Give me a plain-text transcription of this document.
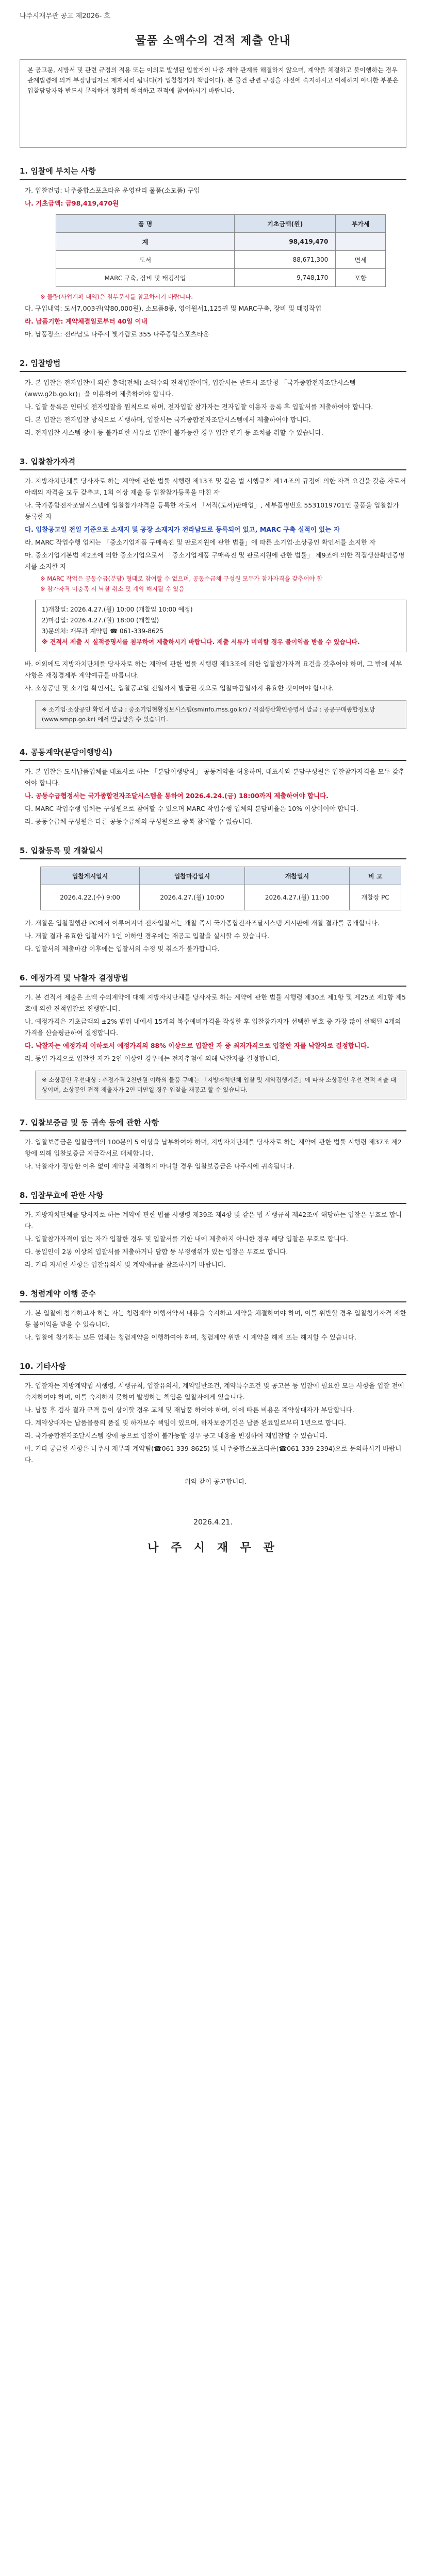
나주시재무관 공고 제2026- 호
물품 소액수의 견적 제출 안내
본 공고문, 시방서 및 관련 규정의 적용 또는 이의로 발생된 입찰자의 나중 계약 관계를 해결하지 않으며, 계약을 체결하고 불이행하는 경우 관계법령에 의거 부정당업자로 제재처리 됩니다(가 입찰참가자 책임이다). 본 물건 관련 규정을 사전에 숙지하시고 이해하지 아니한 부분은 입찰담당자와 반드시 문의하여 정확히 해석하고 견적에 참여하시기 바랍니다.
1. 입찰에 부치는 사항
가. 입찰건명: 나주종합스포츠타운 운영관리 물품(소모품) 구입
나. 기초금액: 금98,419,470원
품 명	기초금액(원)	부가세
계	98,419,470	
도서	88,671,300	면세
MARC 구축, 장비 및 태깅작업	9,748,170	포함
※ 물량(사업계획 내역)은 첨부문서를 참고하시기 바랍니다.
다. 구입내역: 도서7,003권(약80,000원), 소모품8종, 영어원서1,125권 및 MARC구축, 장비 및 태깅작업
라. 납품기한: 계약체결일로부터 40일 이내
마. 납품장소: 전라남도 나주시 빛가람로 355 나주종합스포츠타운
2. 입찰방법
가. 본 입찰은 전자입찰에 의한 총액(전체) 소액수의 견적입찰이며, 입찰서는 반드시 조달청 「국가종합전자조달시스템(www.g2b.go.kr)」을 이용하여 제출하여야 합니다.
나. 입찰 등록은 인터넷 전자입찰을 원칙으로 하며, 전자입찰 참가자는 전자입찰 이용자 등록 후 입찰서를 제출하여야 합니다.
다. 본 입찰은 전자입찰 방식으로 시행하며, 입찰서는 국가종합전자조달시스템에서 제출하여야 합니다.
라. 전자입찰 시스템 장애 등 불가피한 사유로 입찰이 불가능한 경우 입찰 연기 등 조치를 취할 수 있습니다.
3. 입찰참가자격
가. 지방자치단체를 당사자로 하는 계약에 관한 법률 시행령 제13조 및 같은 법 시행규칙 제14조의 규정에 의한 자격 요건을 갖춘 자로서 아래의 자격을 모두 갖추고, 1회 이상 제출 등 입찰참가등록을 마친 자
나. 국가종합전자조달시스템에 입찰참가자격을 등록한 자로서 「서적(도서)판매업」, 세부품명번호 5531019701인 물품을 입찰참가 등록한 자
다. 입찰공고일 전일 기준으로 소재지 및 공장 소재지가 전라남도로 등록되어 있고, MARC 구축 실적이 있는 자
라. MARC 작업수행 업체는 「중소기업제품 구매촉진 및 판로지원에 관한 법률」에 따른 소기업·소상공인 확인서를 소지한 자
마. 중소기업기본법 제2조에 의한 중소기업으로서 「중소기업제품 구매촉진 및 판로지원에 관한 법률」 제9조에 의한 직접생산확인증명서를 소지한 자
※ MARC 작업은 공동수급(분담) 형태로 참여할 수 없으며, 공동수급체 구성원 모두가 참가자격을 갖추어야 함
※ 참가자격 미충족 시 낙찰 취소 및 계약 해지될 수 있음
1)개찰일: 2026.4.27.(월) 10:00 (개찰일 10:00 예정)
2)마감일: 2026.4.27.(월) 18:00 (개찰일)
3)문의처: 재무과 계약팀 ☎ 061-339-8625
※ 견적서 제출 시 실적증명서를 첨부하여 제출하시기 바랍니다. 제출 서류가 미비할 경우 불이익을 받을 수 있습니다.
바. 이외에도 지방자치단체를 당사자로 하는 계약에 관한 법률 시행령 제13조에 의한 입찰참가자격 요건을 갖추어야 하며, 그 밖에 세부사항은 재정경제부 계약예규를 따릅니다.
사. 소상공인 및 소기업 확인서는 입찰공고일 전일까지 발급된 것으로 입찰마감일까지 유효한 것이어야 합니다.
※ 소기업·소상공인 확인서 발급 : 중소기업현황정보시스템(sminfo.mss.go.kr) / 직접생산확인증명서 발급 : 공공구매종합정보망(www.smpp.go.kr) 에서 발급받을 수 있습니다.
4. 공동계약(분담이행방식)
가. 본 입찰은 도서납품업체를 대표사로 하는 「분담이행방식」 공동계약을 허용하며, 대표사와 분담구성원은 입찰참가자격을 모두 갖추어야 합니다.
나. 공동수급협정서는 국가종합전자조달시스템을 통하여 2026.4.24.(금) 18:00까지 제출하여야 합니다.
다. MARC 작업수행 업체는 구성원으로 참여할 수 있으며 MARC 작업수행 업체의 분담비율은 10% 이상이어야 합니다.
라. 공동수급체 구성원은 다른 공동수급체의 구성원으로 중복 참여할 수 없습니다.
5. 입찰등록 및 개찰일시
입찰게시일시	입찰마감일시	개찰일시	비 고
2026.4.22.(수) 9:00	2026.4.27.(월) 10:00	2026.4.27.(월) 11:00	개찰장 PC
가. 개찰은 입찰집행관 PC에서 이루어지며 전자입찰서는 개찰 즉시 국가종합전자조달시스템 게시판에 개찰 결과를 공개합니다.
나. 개찰 결과 유효한 입찰서가 1인 이하인 경우에는 재공고 입찰을 실시할 수 있습니다.
다. 입찰서의 제출마감 이후에는 입찰서의 수정 및 취소가 불가합니다.
6. 예정가격 및 낙찰자 결정방법
가. 본 견적서 제출은 소액 수의계약에 대해 지방자치단체를 당사자로 하는 계약에 관한 법률 시행령 제30조 제1항 및 제25조 제1항 제5호에 의한 견적입찰로 진행합니다.
나. 예정가격은 기초금액의 ±2% 범위 내에서 15개의 복수예비가격을 작성한 후 입찰참가자가 선택한 번호 중 가장 많이 선택된 4개의 가격을 산술평균하여 결정합니다.
다. 낙찰자는 예정가격 이하로서 예정가격의 88% 이상으로 입찰한 자 중 최저가격으로 입찰한 자를 낙찰자로 결정합니다.
라. 동일 가격으로 입찰한 자가 2인 이상인 경우에는 전자추첨에 의해 낙찰자를 결정합니다.
※ 소상공인 우선대상 : 추정가격 2천만원 이하의 물품 구매는 「지방자치단체 입찰 및 계약집행기준」에 따라 소상공인 우선 견적 제출 대상이며, 소상공인 견적 제출자가 2인 미만일 경우 입찰을 재공고 할 수 있습니다.
7. 입찰보증금 및 동 귀속 등에 관한 사항
가. 입찰보증금은 입찰금액의 100분의 5 이상을 납부하여야 하며, 지방자치단체를 당사자로 하는 계약에 관한 법률 시행령 제37조 제2항에 의해 입찰보증금 지급각서로 대체합니다.
나. 낙찰자가 정당한 이유 없이 계약을 체결하지 아니할 경우 입찰보증금은 나주시에 귀속됩니다.
8. 입찰무효에 관한 사항
가. 지방자치단체를 당사자로 하는 계약에 관한 법률 시행령 제39조 제4항 및 같은 법 시행규칙 제42조에 해당하는 입찰은 무효로 합니다.
나. 입찰참가자격이 없는 자가 입찰한 경우 및 입찰서를 기한 내에 제출하지 아니한 경우 해당 입찰은 무효로 합니다.
다. 동일인이 2통 이상의 입찰서를 제출하거나 담합 등 부정행위가 있는 입찰은 무효로 합니다.
라. 기타 자세한 사항은 입찰유의서 및 계약예규를 참조하시기 바랍니다.
9. 청렴계약 이행 준수
가. 본 입찰에 참가하고자 하는 자는 청렴계약 이행서약서 내용을 숙지하고 계약을 체결하여야 하며, 이를 위반할 경우 입찰참가자격 제한 등 불이익을 받을 수 있습니다.
나. 입찰에 참가하는 모든 업체는 청렴계약을 이행하여야 하며, 청렴계약 위반 시 계약을 해제 또는 해지할 수 있습니다.
10. 기타사항
가. 입찰자는 지방계약법 시행령, 시행규칙, 입찰유의서, 계약일반조건, 계약특수조건 및 공고문 등 입찰에 필요한 모든 사항을 입찰 전에 숙지하여야 하며, 이를 숙지하지 못하여 발생하는 책임은 입찰자에게 있습니다.
나. 납품 후 검사 결과 규격 등이 상이할 경우 교체 및 재납품 하여야 하며, 이에 따른 비용은 계약상대자가 부담합니다.
다. 계약상대자는 납품물품의 품질 및 하자보수 책임이 있으며, 하자보증기간은 납품 완료일로부터 1년으로 합니다.
라. 국가종합전자조달시스템 장애 등으로 입찰이 불가능할 경우 공고 내용을 변경하여 재입찰할 수 있습니다.
마. 기타 궁금한 사항은 나주시 재무과 계약팀(☎061-339-8625) 및 나주종합스포츠타운(☎061-339-2394)으로 문의하시기 바랍니다.
위와 같이 공고합니다.
2026.4.21.
나 주 시 재 무 관
